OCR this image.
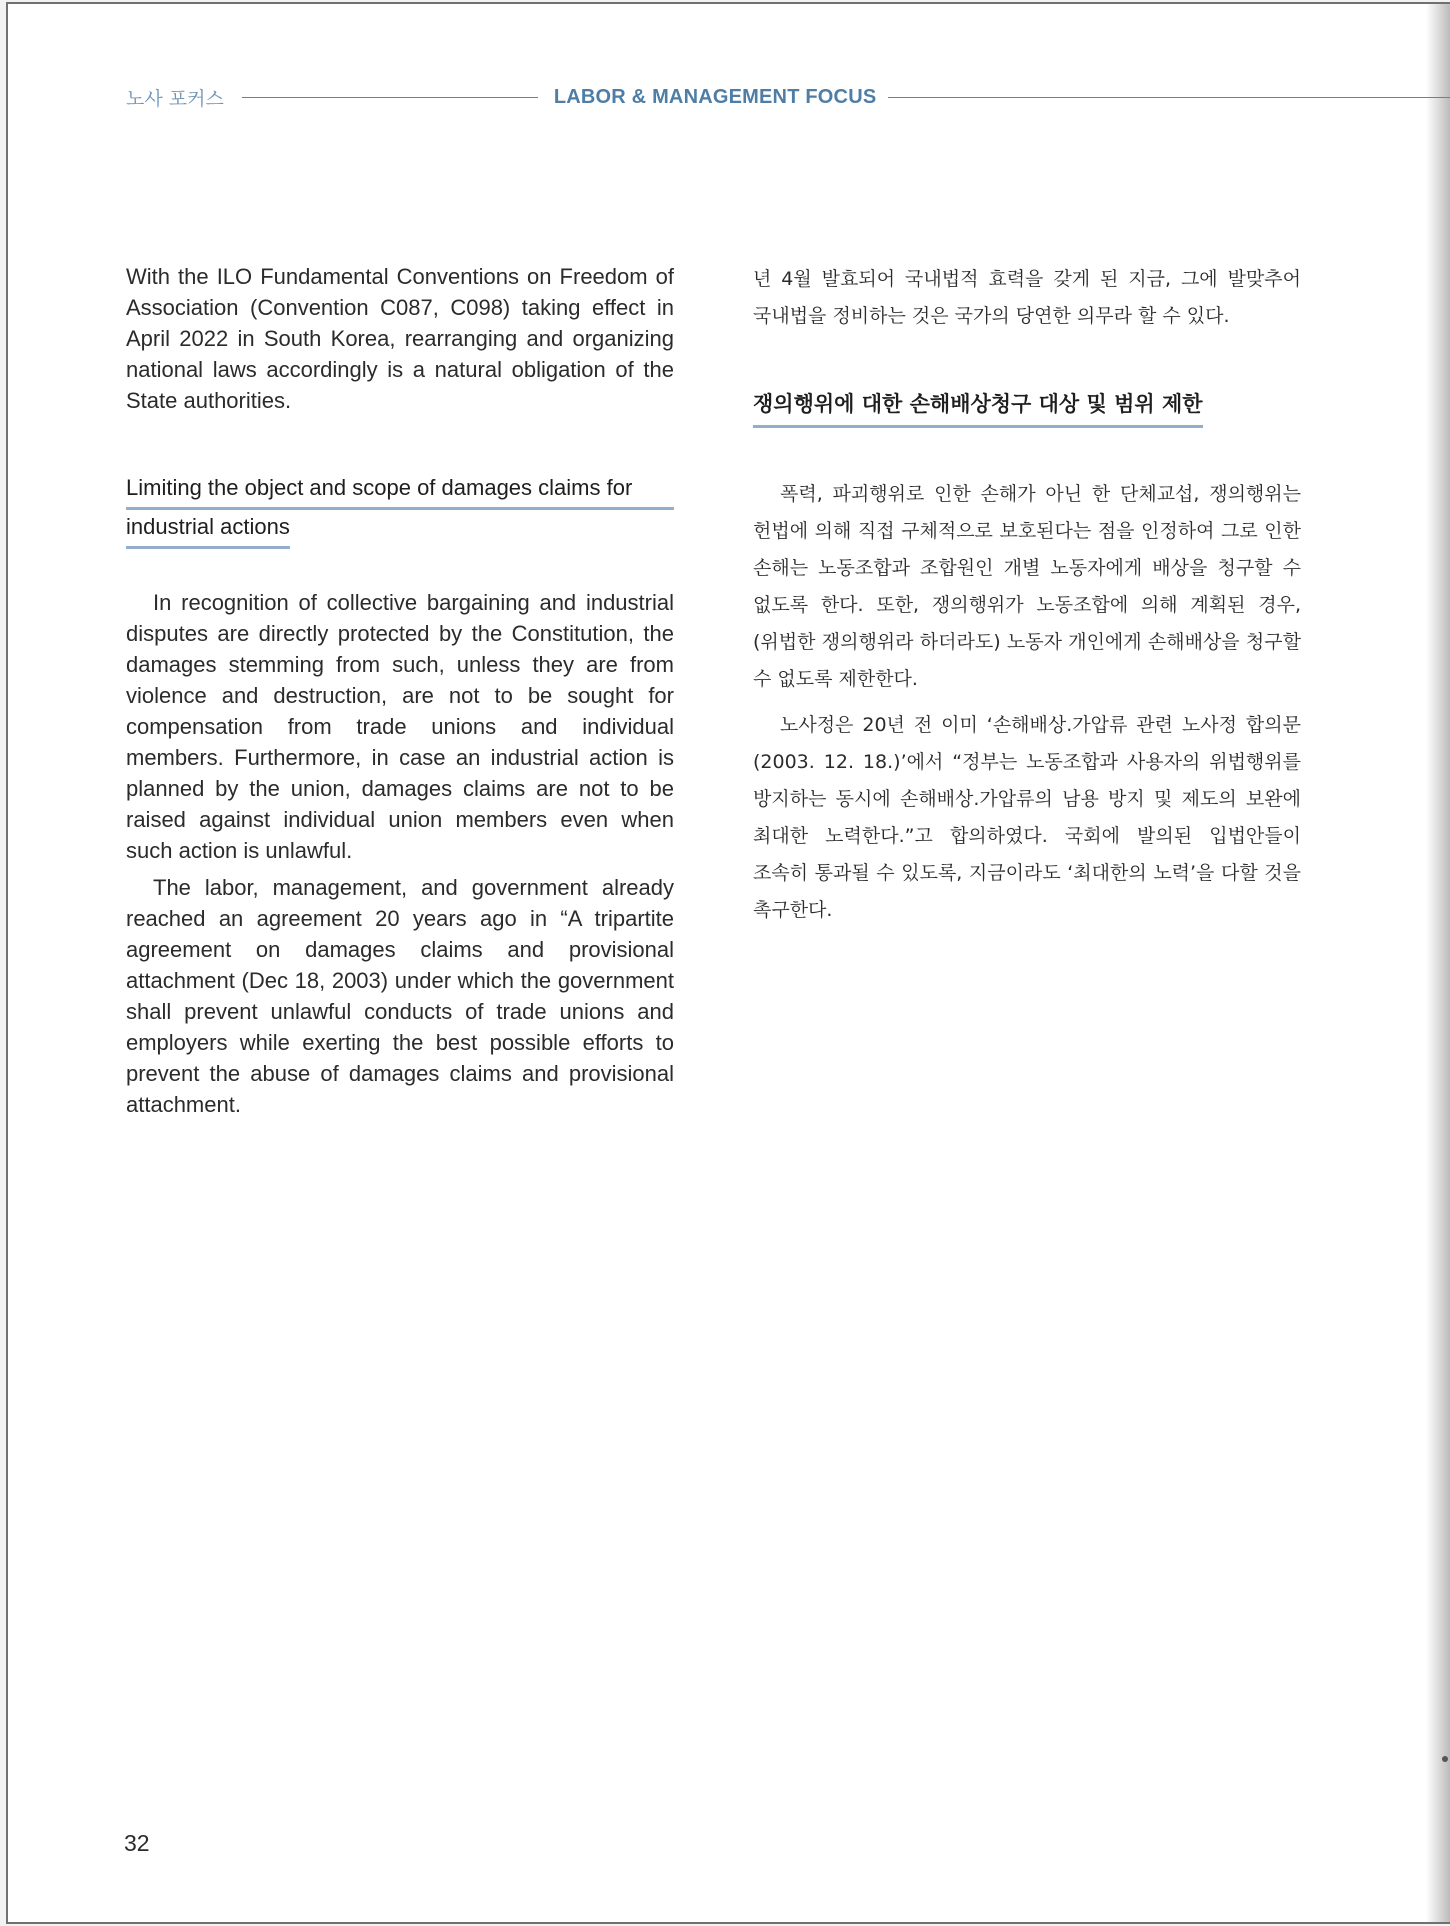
노사 포커스	LABOR & MANAGEMENT FOCUS

With the ILO Fundamental Conventions on Freedom of Association (Convention C087, C098) taking effect in April 2022 in South Korea, rearranging and organizing national laws accordingly is a natural obligation of the State authorities.

Limiting the object and scope of damages claims for
industrial actions

In recognition of collective bargaining and industrial disputes are directly protected by the Constitution, the damages stemming from such, unless they are from violence and destruction, are not to be sought for compensation from trade unions and individual members. Furthermore, in case an industrial action is planned by the union, damages claims are not to be raised against individual union members even when such action is unlawful.

The labor, management, and government already reached an agreement 20 years ago in “A tripartite agreement on damages claims and provisional attachment (Dec 18, 2003) under which the government shall prevent unlawful conducts of trade unions and employers while exerting the best possible efforts to prevent the abuse of damages claims and provisional attachment.

년 4월 발효되어 국내법적 효력을 갖게 된 지금, 그에 발맞추어 국내법을 정비하는 것은 국가의 당연한 의무라 할 수 있다.

쟁의행위에 대한 손해배상청구 대상 및 범위 제한

폭력, 파괴행위로 인한 손해가 아닌 한 단체교섭, 쟁의행위는 헌법에 의해 직접 구체적으로 보호된다는 점을 인정하여 그로 인한 손해는 노동조합과 조합원인 개별 노동자에게 배상을 청구할 수 없도록 한다. 또한, 쟁의행위가 노동조합에 의해 계획된 경우, (위법한 쟁의행위라 하더라도) 노동자 개인에게 손해배상을 청구할 수 없도록 제한한다.

노사정은 20년 전 이미 ‘손해배상.가압류 관련 노사정 합의문(2003. 12. 18.)’에서 “정부는 노동조합과 사용자의 위법행위를 방지하는 동시에 손해배상.가압류의 남용 방지 및 제도의 보완에 최대한 노력한다.”고 합의하였다. 국회에 발의된 입법안들이 조속히 통과될 수 있도록, 지금이라도 ‘최대한의 노력’을 다할 것을 촉구한다.

32
